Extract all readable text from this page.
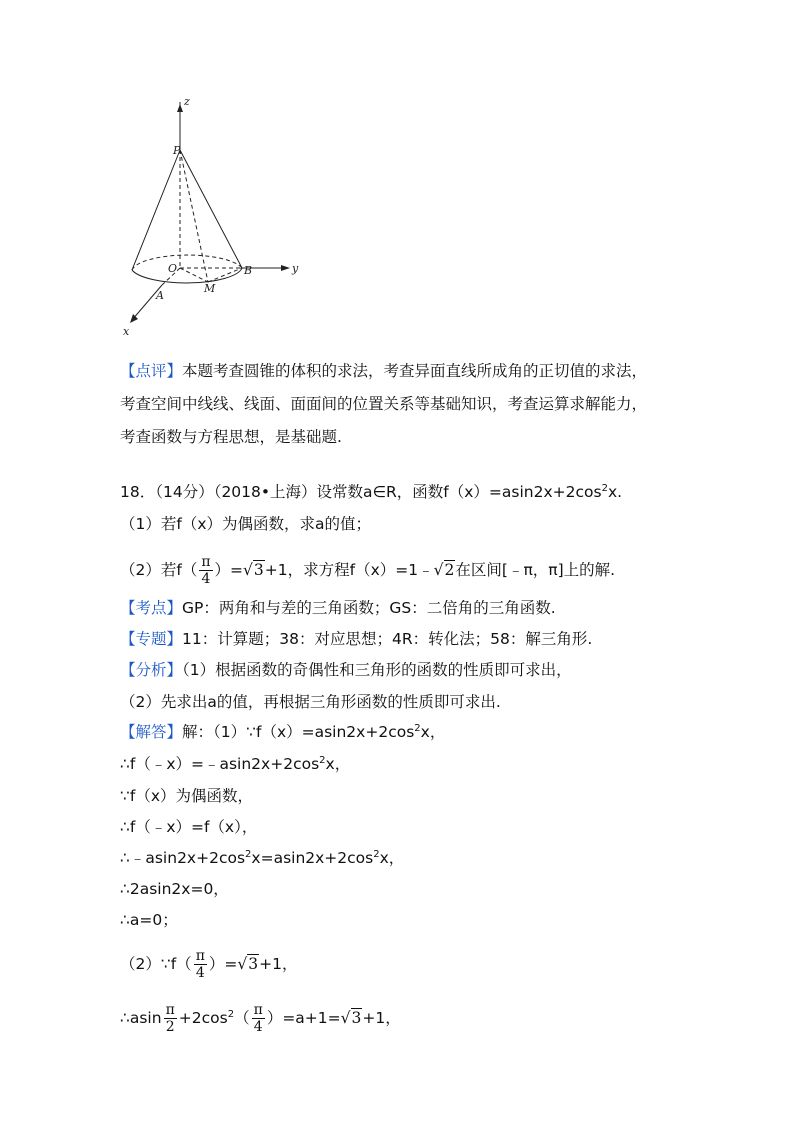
z
P
O	B	y
M
A
x
【点评】本题考查圆锥的体积的求法，考查异面直线所成角的正切值的求法，
考查空间中线线、线面、面面间的位置关系等基础知识，考查运算求解能力，
考查函数与方程思想，是基础题.
18．（14分）（2018•上海）设常数a∈R，函数$f(x)=asin2x+2\cos^2x$.
（1）若f（x）为偶函数，求a的值；
（2）若$f( \frac{\pi}{4} )=√3+1$，求方程f（x）=1﹣√2在区间[﹣π，π]上的解.
【考点】GP：两角和与差的三角函数；GS：二倍角的三角函数.
【专题】11：计算题；38：对应思想；4R：转化法；58：解三角形.
【分析】（1）根据函数的奇偶性和三角形的函数的性质即可求出，
（2）先求出a的值，再根据三角形函数的性质即可求出.
【解答】解：$(1)\because f(x)=asin2x+2\cos^2x$，
$\therefore f(﹣x)=﹣asin2x+2\cos^2x$，
∵f（x）为偶函数，
∴f（﹣x）=f（x），
$\therefore﹣asin2x+2\cos^2x=asin2x+2\cos^2x$，
∴2asin2x=0，
∴a=0；
（2）∵f（ $\frac{\pi}{4} )=√3+1$，
∴asin $\frac{\pi}{2} +2\cos^2( \frac{\pi}{4} )=a+1=√3+1$，
